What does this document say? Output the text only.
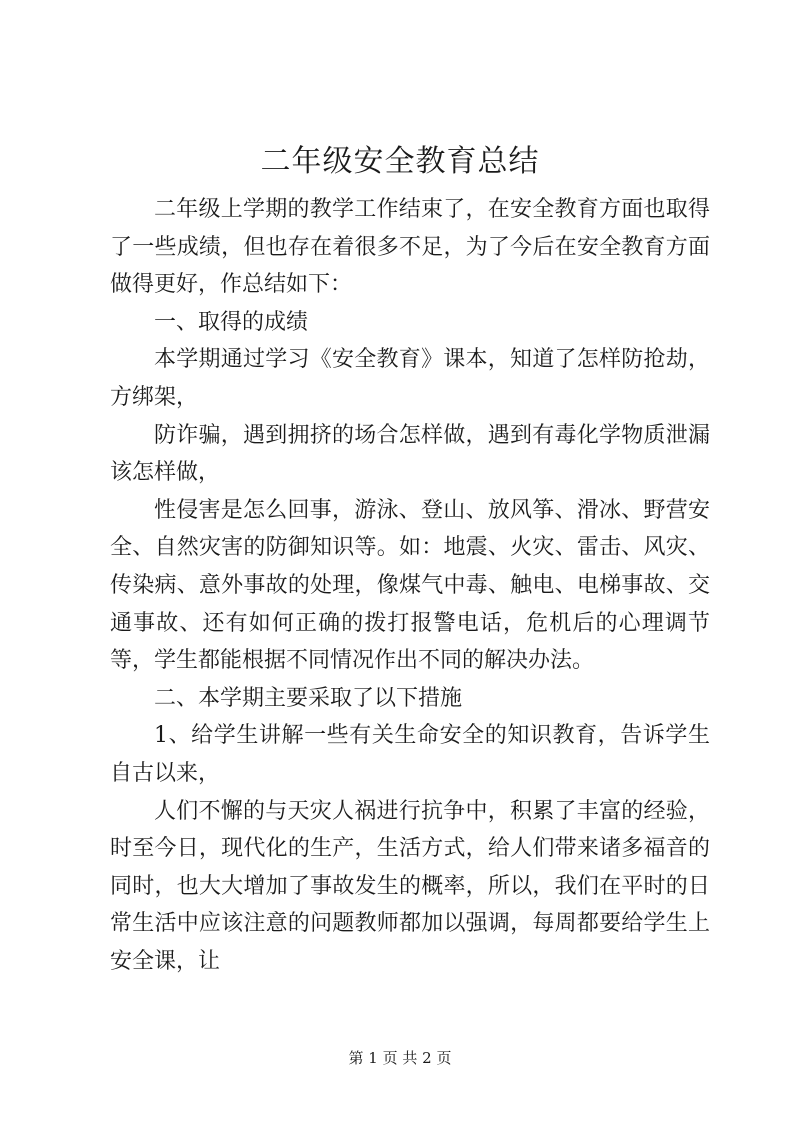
二年级安全教育总结

二年级上学期的教学工作结束了，在安全教育方面也取得了一些成绩，但也存在着很多不足，为了今后在安全教育方面做得更好，作总结如下：

一、取得的成绩

本学期通过学习《安全教育》课本，知道了怎样防抢劫，方绑架，

防诈骗，遇到拥挤的场合怎样做，遇到有毒化学物质泄漏该怎样做，

性侵害是怎么回事，游泳、登山、放风筝、滑冰、野营安全、自然灾害的防御知识等。如：地震、火灾、雷击、风灾、传染病、意外事故的处理，像煤气中毒、触电、电梯事故、交通事故、还有如何正确的拨打报警电话，危机后的心理调节等，学生都能根据不同情况作出不同的解决办法。

二、本学期主要采取了以下措施

1、给学生讲解一些有关生命安全的知识教育，告诉学生自古以来，

人们不懈的与天灾人祸进行抗争中，积累了丰富的经验，时至今日，现代化的生产，生活方式，给人们带来诸多福音的同时，也大大增加了事故发生的概率，所以，我们在平时的日常生活中应该注意的问题教师都加以强调，每周都要给学生上安全课，让

第 1 页 共 2 页
